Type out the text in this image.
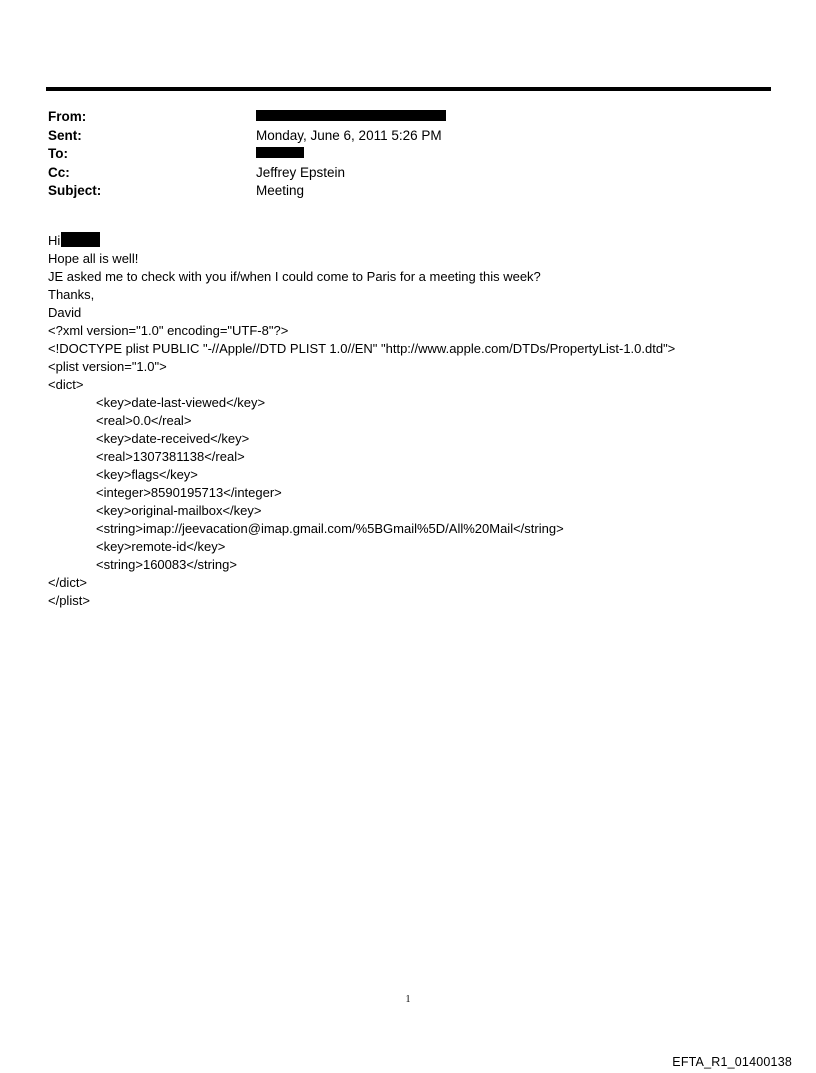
From:
Sent:	Monday, June 6, 2011 5:26 PM
To:
Cc:	Jeffrey Epstein
Subject:	Meeting
Hi
Hope all is well!
JE asked me to check with you if/when I could come to Paris for a meeting this week?
Thanks,
David
<?xml version="1.0" encoding="UTF-8"?>
<!DOCTYPE plist PUBLIC "-//Apple//DTD PLIST 1.0//EN" "http://www.apple.com/DTDs/PropertyList-1.0.dtd">
<plist version="1.0">
<dict>
<key>date-last-viewed</key>
<real>0.0</real>
<key>date-received</key>
<real>1307381138</real>
<key>flags</key>
<integer>8590195713</integer>
<key>original-mailbox</key>
<string>imap://jeevacation@imap.gmail.com/%5BGmail%5D/All%20Mail</string>
<key>remote-id</key>
<string>160083</string>
</dict>
</plist>
1
EFTA_R1_01400138
